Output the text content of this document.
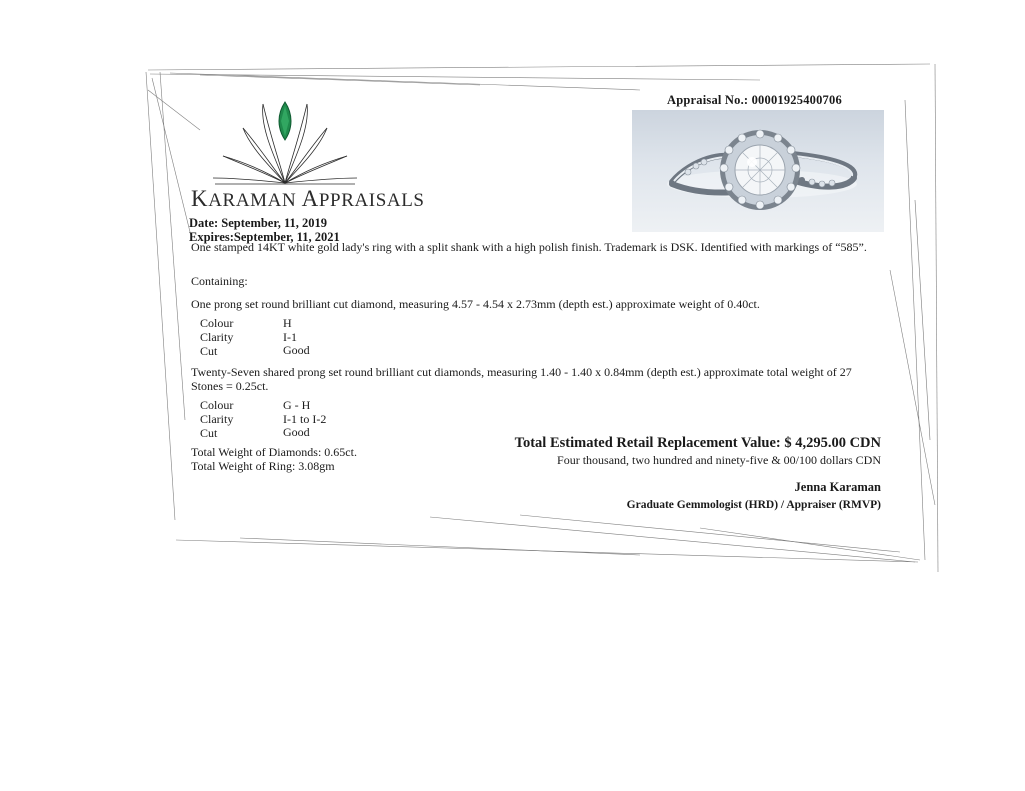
Appraisal No.: 00001925400706
KARAMAN APPRAISALS
Date: September, 11, 2019
Expires:September, 11, 2021
One stamped 14KT white gold lady's ring with a split shank with a high polish finish. Trademark is DSK. Identified with markings of “585”.
Containing:
One prong set round brilliant cut diamond, measuring 4.57 - 4.54 x 2.73mm (depth est.) approximate weight of 0.40ct.
Colour	H
Clarity	I-1
Cut	Good
Twenty-Seven shared prong set round brilliant cut diamonds, measuring 1.40 - 1.40 x 0.84mm (depth est.) approximate total weight of 27 Stones = 0.25ct.
Colour	G - H
Clarity	I-1 to I-2
Cut	Good
Total Weight of Diamonds: 0.65ct.
Total Weight of Ring: 3.08gm
Total Estimated Retail Replacement Value: $ 4,295.00 CDN
Four thousand, two hundred and ninety-five & 00/100 dollars CDN
Jenna Karaman
Graduate Gemmologist (HRD) / Appraiser (RMVP)
